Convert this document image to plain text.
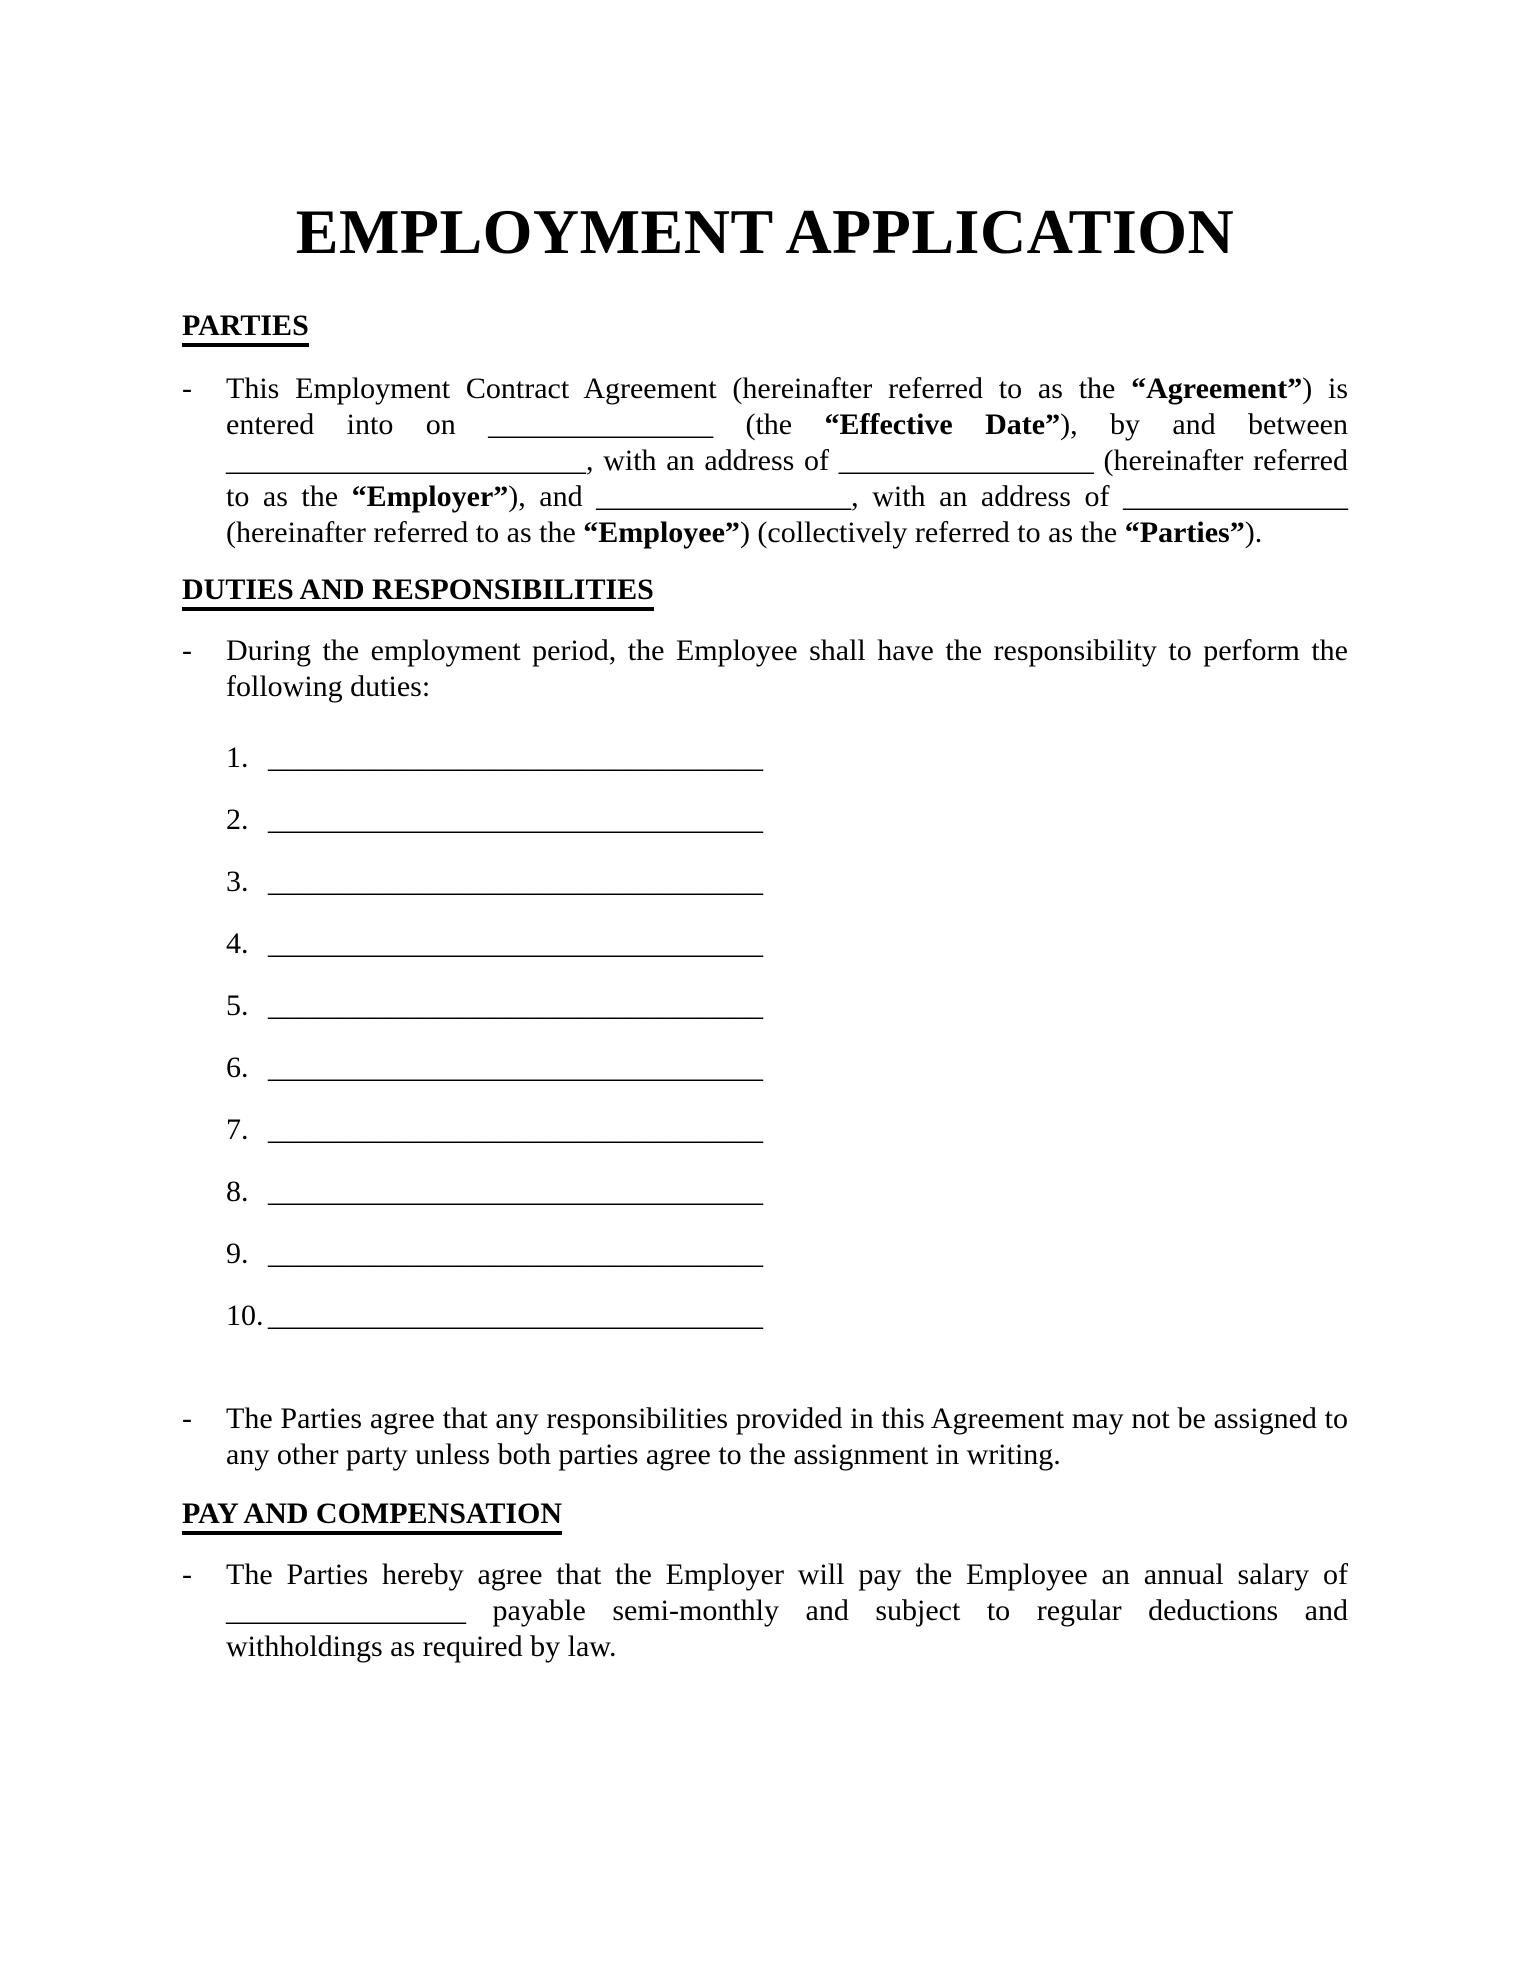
EMPLOYMENT APPLICATION
PARTIES
-	This Employment Contract Agreement (hereinafter referred to as the “Agreement”) is entered into on _______________ (the “Effective Date”), by and between ________________________, with an address of _________________ (hereinafter referred to as the “Employer”), and _________________, with an address of _______________ (hereinafter referred to as the “Employee”) (collectively referred to as the “Parties”).

DUTIES AND RESPONSIBILITIES
-	During the employment period, the Employee shall have the responsibility to perform the following duties:

1. _________________________________
2. _________________________________
3. _________________________________
4. _________________________________
5. _________________________________
6. _________________________________
7. _________________________________
8. _________________________________
9. _________________________________
10. _________________________________
-	The Parties agree that any responsibilities provided in this Agreement may not be assigned to any other party unless both parties agree to the assignment in writing.

PAY AND COMPENSATION
-	The Parties hereby agree that the Employer will pay the Employee an annual salary of ________________ payable semi-monthly and subject to regular deductions and withholdings as required by law.
